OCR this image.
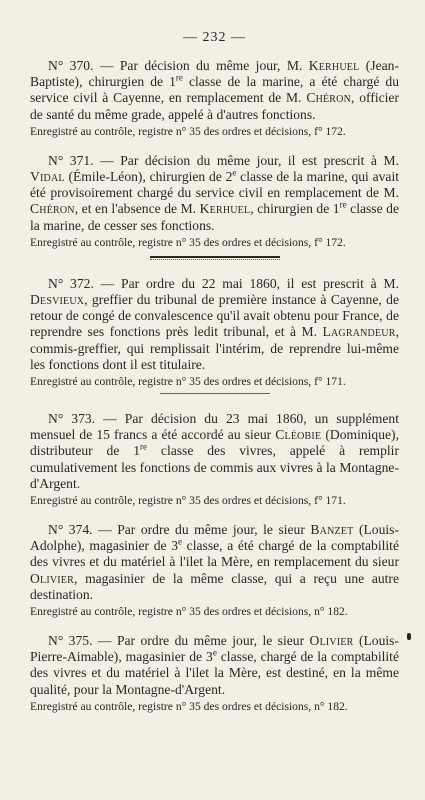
— 232 —

N° 370. — Par décision du même jour, M. Kerhuel (Jean-Baptiste), chirurgien de 1re classe de la marine, a été chargé du service civil à Cayenne, en remplacement de M. Chéron, officier de santé du même grade, appelé à d'autres fonctions.

Enregistré au contrôle, registre n° 35 des ordres et décisions, f° 172.

N° 371. — Par décision du même jour, il est prescrit à M. Vidal (Émile-Léon), chirurgien de 2e classe de la marine, qui avait été provisoirement chargé du service civil en remplacement de M. Chéron, et en l'absence de M. Kerhuel, chirurgien de 1re classe de la marine, de cesser ses fonctions.

Enregistré au contrôle, registre n° 35 des ordres et décisions, f° 172.

N° 372. — Par ordre du 22 mai 1860, il est prescrit à M. Desvieux, greffier du tribunal de première instance à Cayenne, de retour de congé de convalescence qu'il avait obtenu pour France, de reprendre ses fonctions près ledit tribunal, et à M. Lagrandeur, commis-greffier, qui remplissait l'intérim, de reprendre lui-même les fonctions dont il est titulaire.

Enregistré au contrôle, registre n° 35 des ordres et décisions, f° 171.

N° 373. — Par décision du 23 mai 1860, un supplément mensuel de 15 francs a été accordé au sieur Cléobie (Dominique), distributeur de 1re classe des vivres, appelé à remplir cumulativement les fonctions de commis aux vivres à la Montagne-d'Argent.

Enregistré au contrôle, registre n° 35 des ordres et décisions, f° 171.

N° 374. — Par ordre du même jour, le sieur Banzet (Louis-Adolphe), magasinier de 3e classe, a été chargé de la comptabilité des vivres et du matériel à l'ilet la Mère, en remplacement du sieur Olivier, magasinier de la même classe, qui a reçu une autre destination.

Enregistré au contrôle, registre n° 35 des ordres et décisions, n° 182.

N° 375. — Par ordre du même jour, le sieur Olivier (Louis-Pierre-Aimable), magasinier de 3e classe, chargé de la comptabilité des vivres et du matériel à l'ilet la Mère, est destiné, en la même qualité, pour la Montagne-d'Argent.

Enregistré au contrôle, registre n° 35 des ordres et décisions, n° 182.
